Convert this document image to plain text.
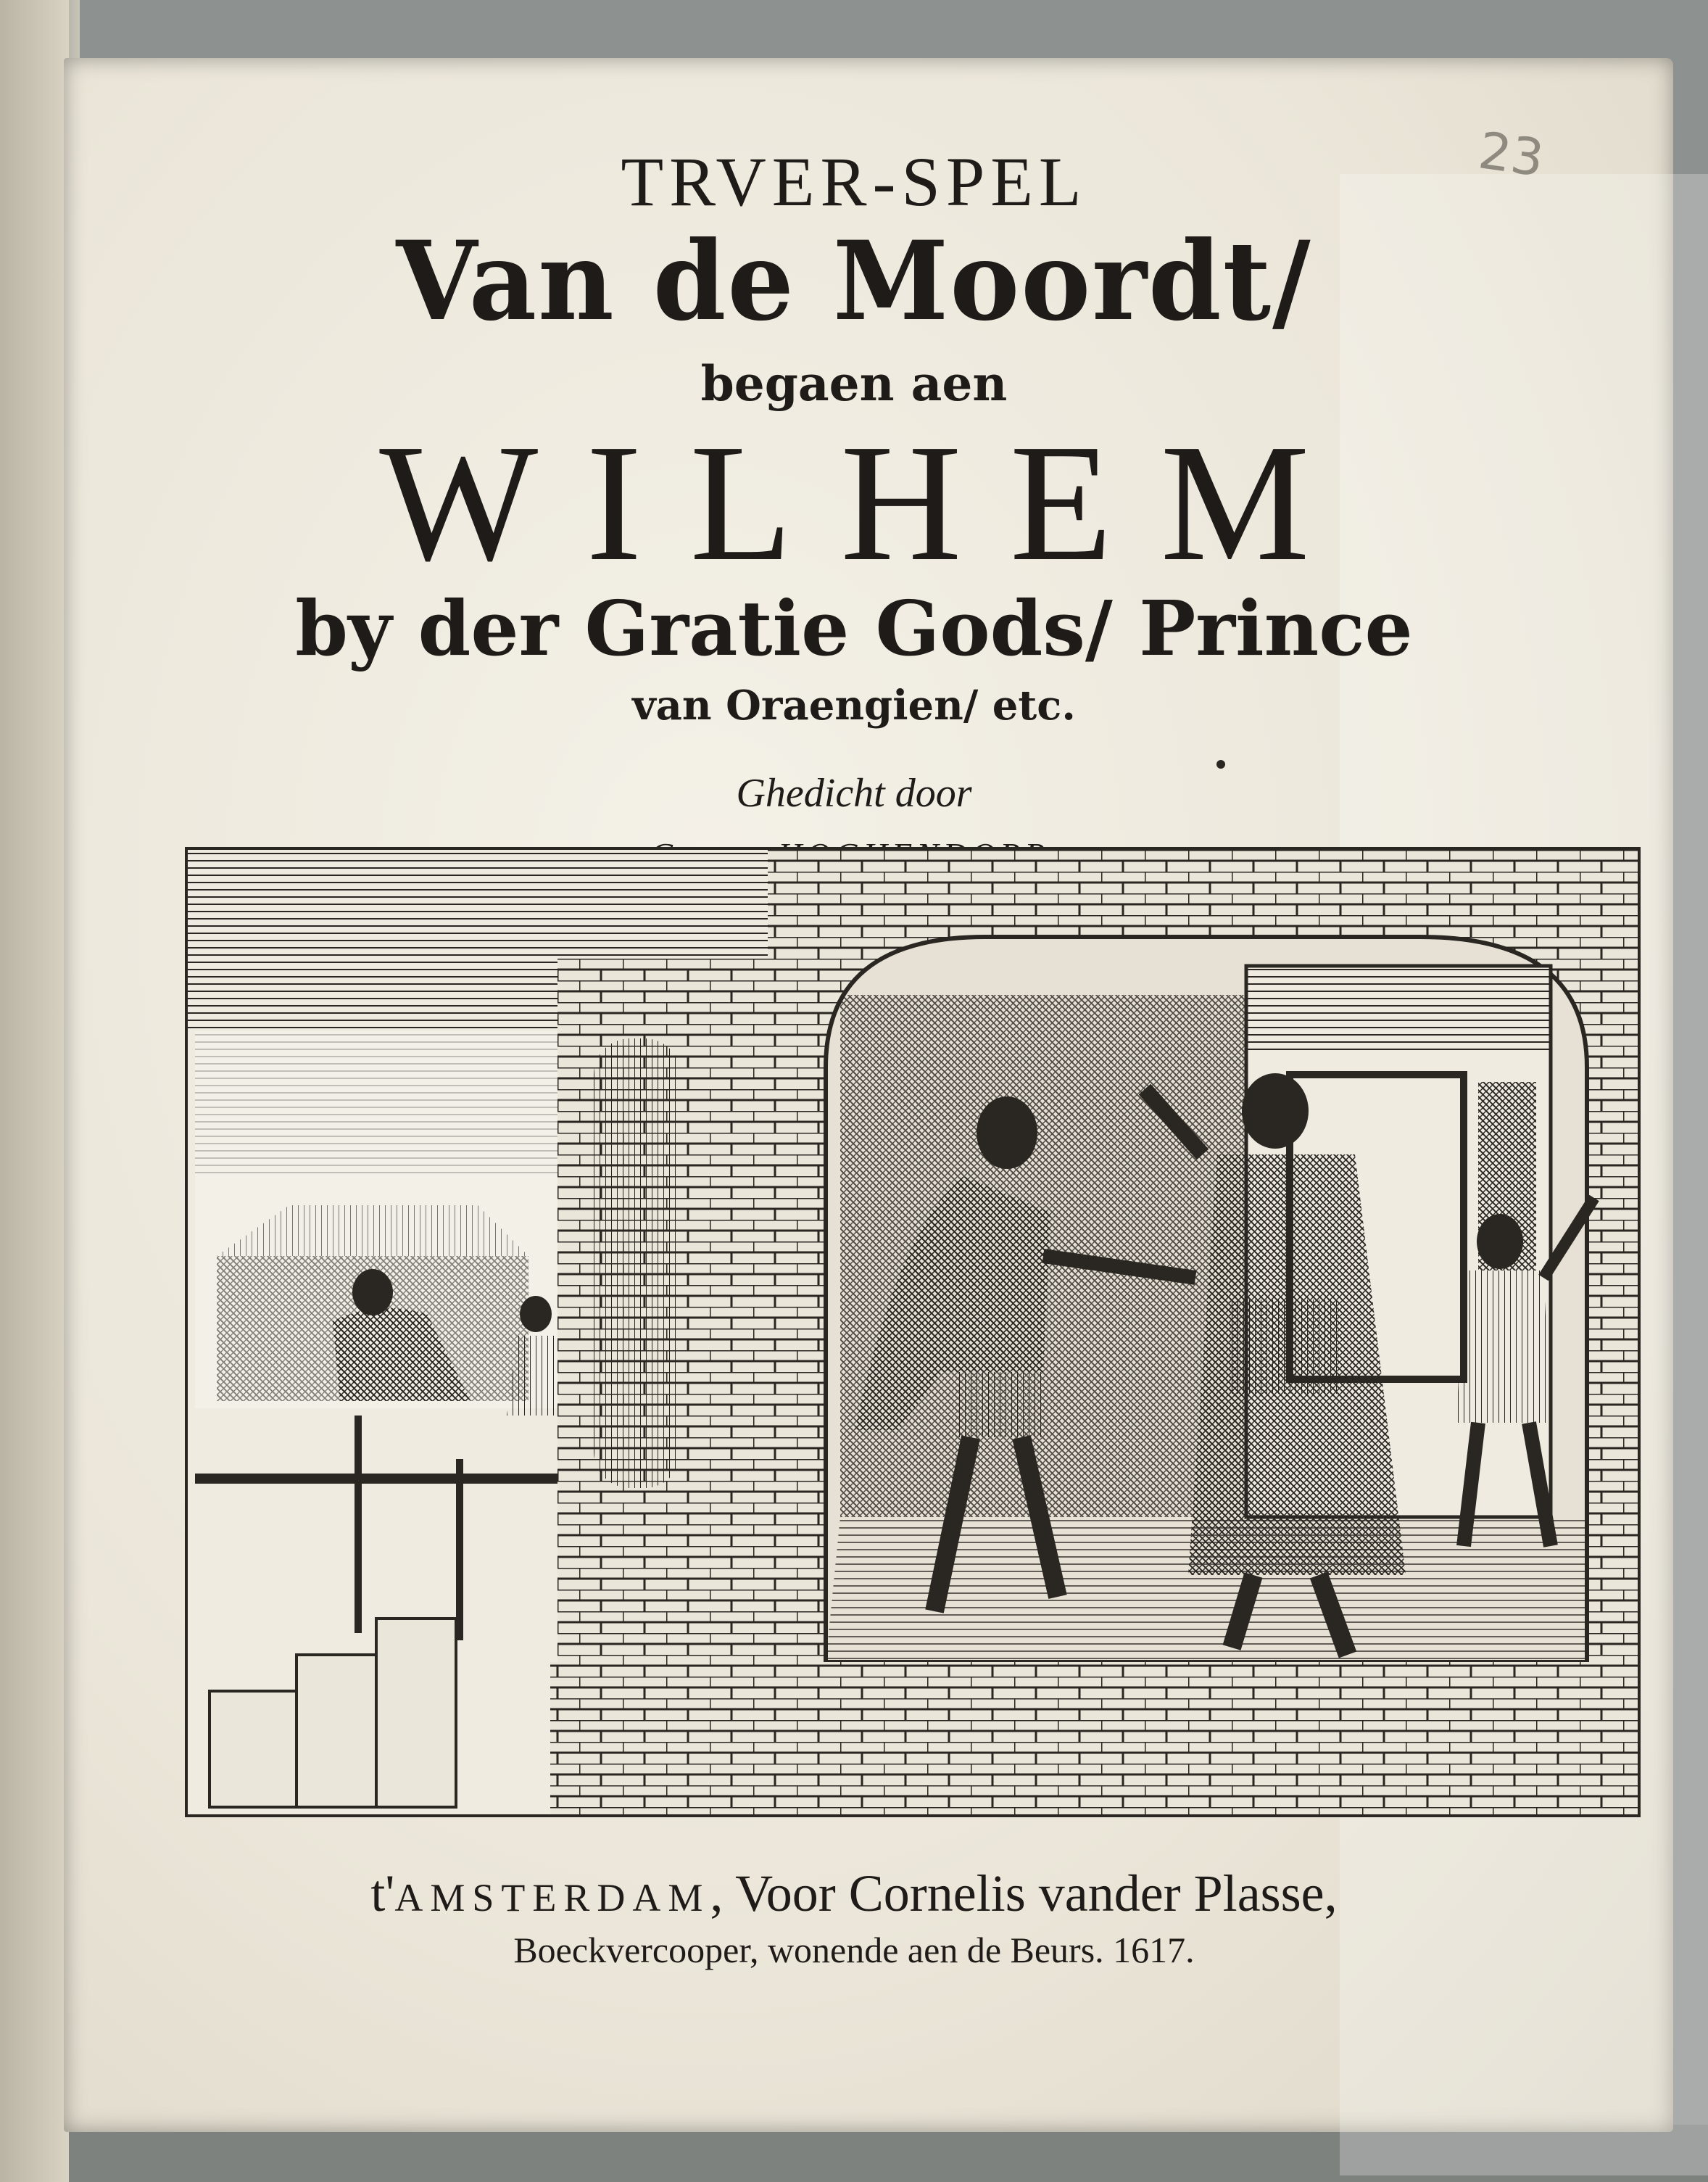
23
TRVER-SPEL
Van de Moordt/
begaen aen
WILHEM
by der Gratie Gods/ Prince
van Oraengien/ etc.
Ghedicht door
t'AMSTERDAM, Voor Cornelis vander Plasse,
Boeckvercooper, wonende aen de Beurs. 1617.
